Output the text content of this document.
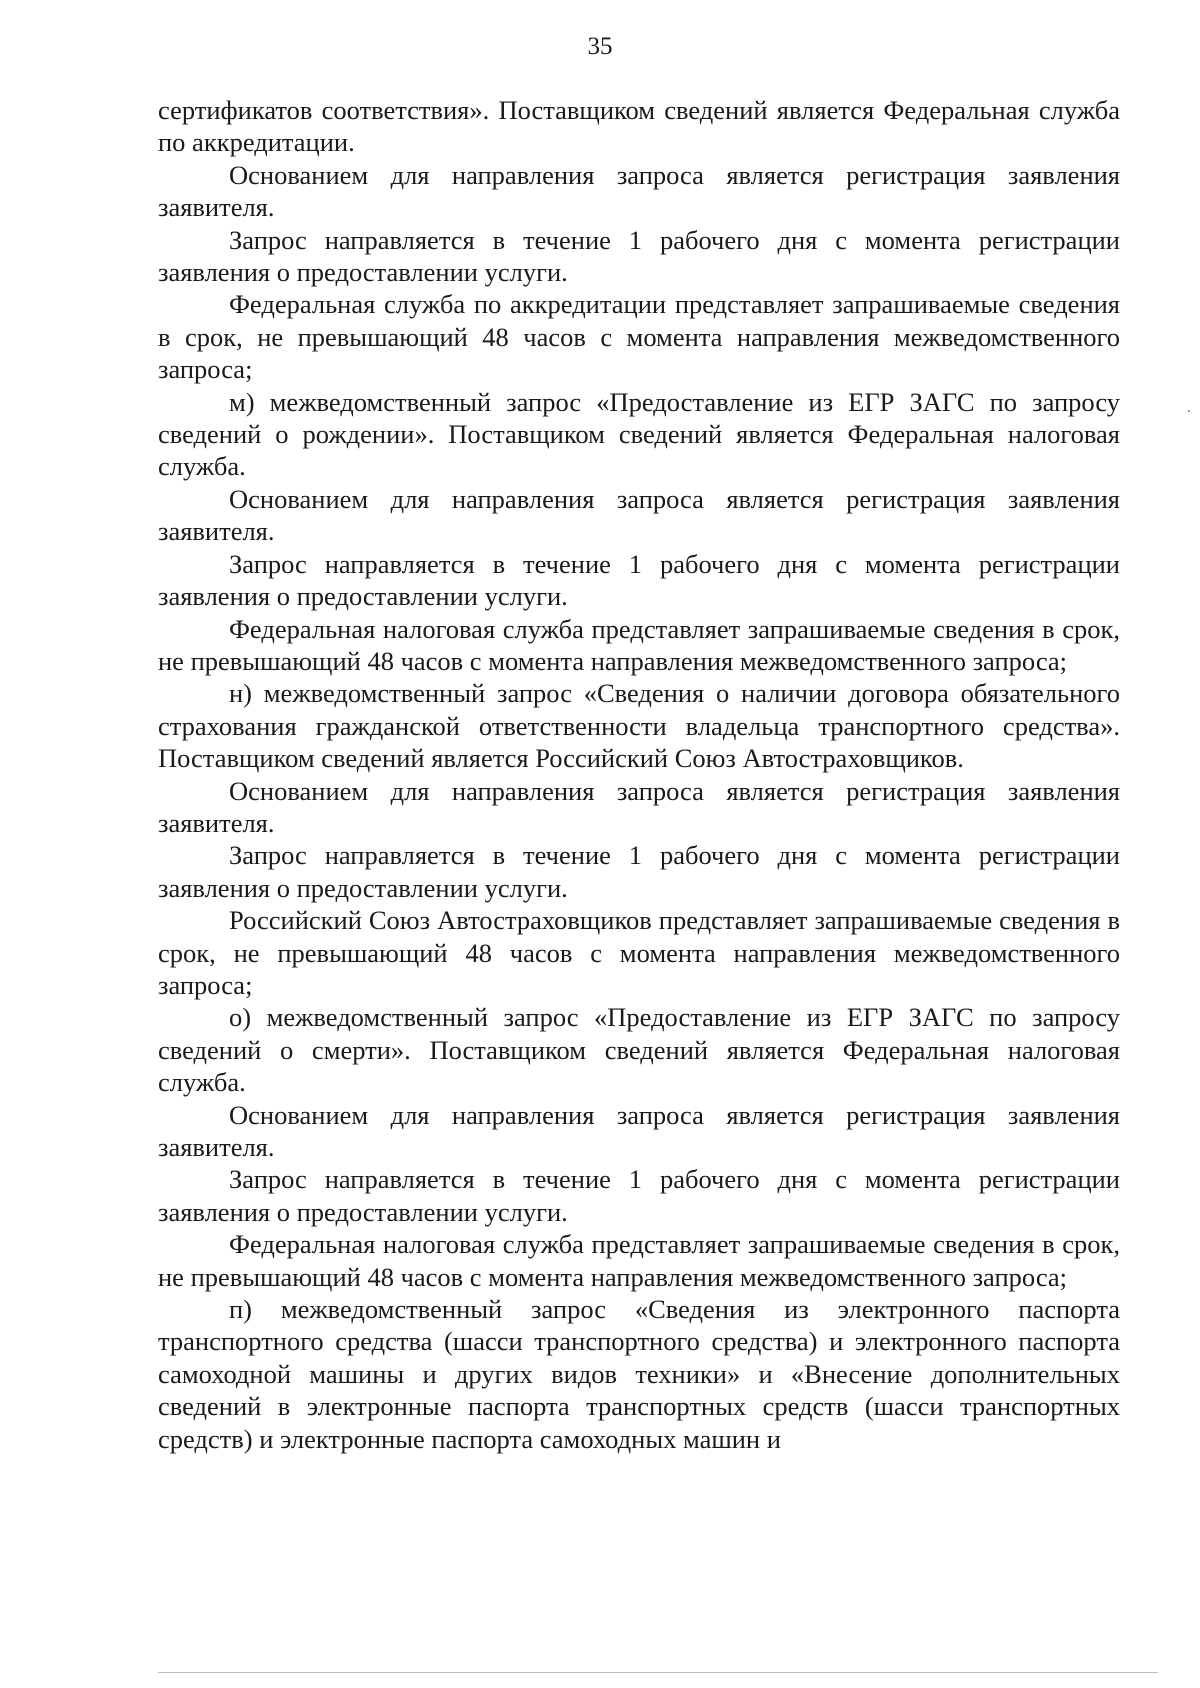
35

сертификатов соответствия». Поставщиком сведений является Федеральная служба по аккредитации.

Основанием для направления запроса является регистрация заявления заявителя.

Запрос направляется в течение 1 рабочего дня с момента регистрации заявления о предоставлении услуги.

Федеральная служба по аккредитации представляет запрашиваемые сведения в срок, не превышающий 48 часов с момента направления межведомственного запроса;

м) межведомственный запрос «Предоставление из ЕГР ЗАГС по запросу сведений о рождении». Поставщиком сведений является Федеральная налоговая служба.

Основанием для направления запроса является регистрация заявления заявителя.

Запрос направляется в течение 1 рабочего дня с момента регистрации заявления о предоставлении услуги.

Федеральная налоговая служба представляет запрашиваемые сведения в срок, не превышающий 48 часов с момента направления межведомственного запроса;

н) межведомственный запрос «Сведения о наличии договора обязательного страхования гражданской ответственности владельца транспортного средства». Поставщиком сведений является Российский Союз Автостраховщиков.

Основанием для направления запроса является регистрация заявления заявителя.

Запрос направляется в течение 1 рабочего дня с момента регистрации заявления о предоставлении услуги.

Российский Союз Автостраховщиков представляет запрашиваемые сведения в срок, не превышающий 48 часов с момента направления межведомственного запроса;

о) межведомственный запрос «Предоставление из ЕГР ЗАГС по запросу сведений о смерти». Поставщиком сведений является Федеральная налоговая служба.

Основанием для направления запроса является регистрация заявления заявителя.

Запрос направляется в течение 1 рабочего дня с момента регистрации заявления о предоставлении услуги.

Федеральная налоговая служба представляет запрашиваемые сведения в срок, не превышающий 48 часов с момента направления межведомственного запроса;

п) межведомственный запрос «Сведения из электронного паспорта транспортного средства (шасси транспортного средства) и электронного паспорта самоходной машины и других видов техники» и «Внесение дополнительных сведений в электронные паспорта транспортных средств (шасси транспортных средств) и электронные паспорта самоходных машин и
